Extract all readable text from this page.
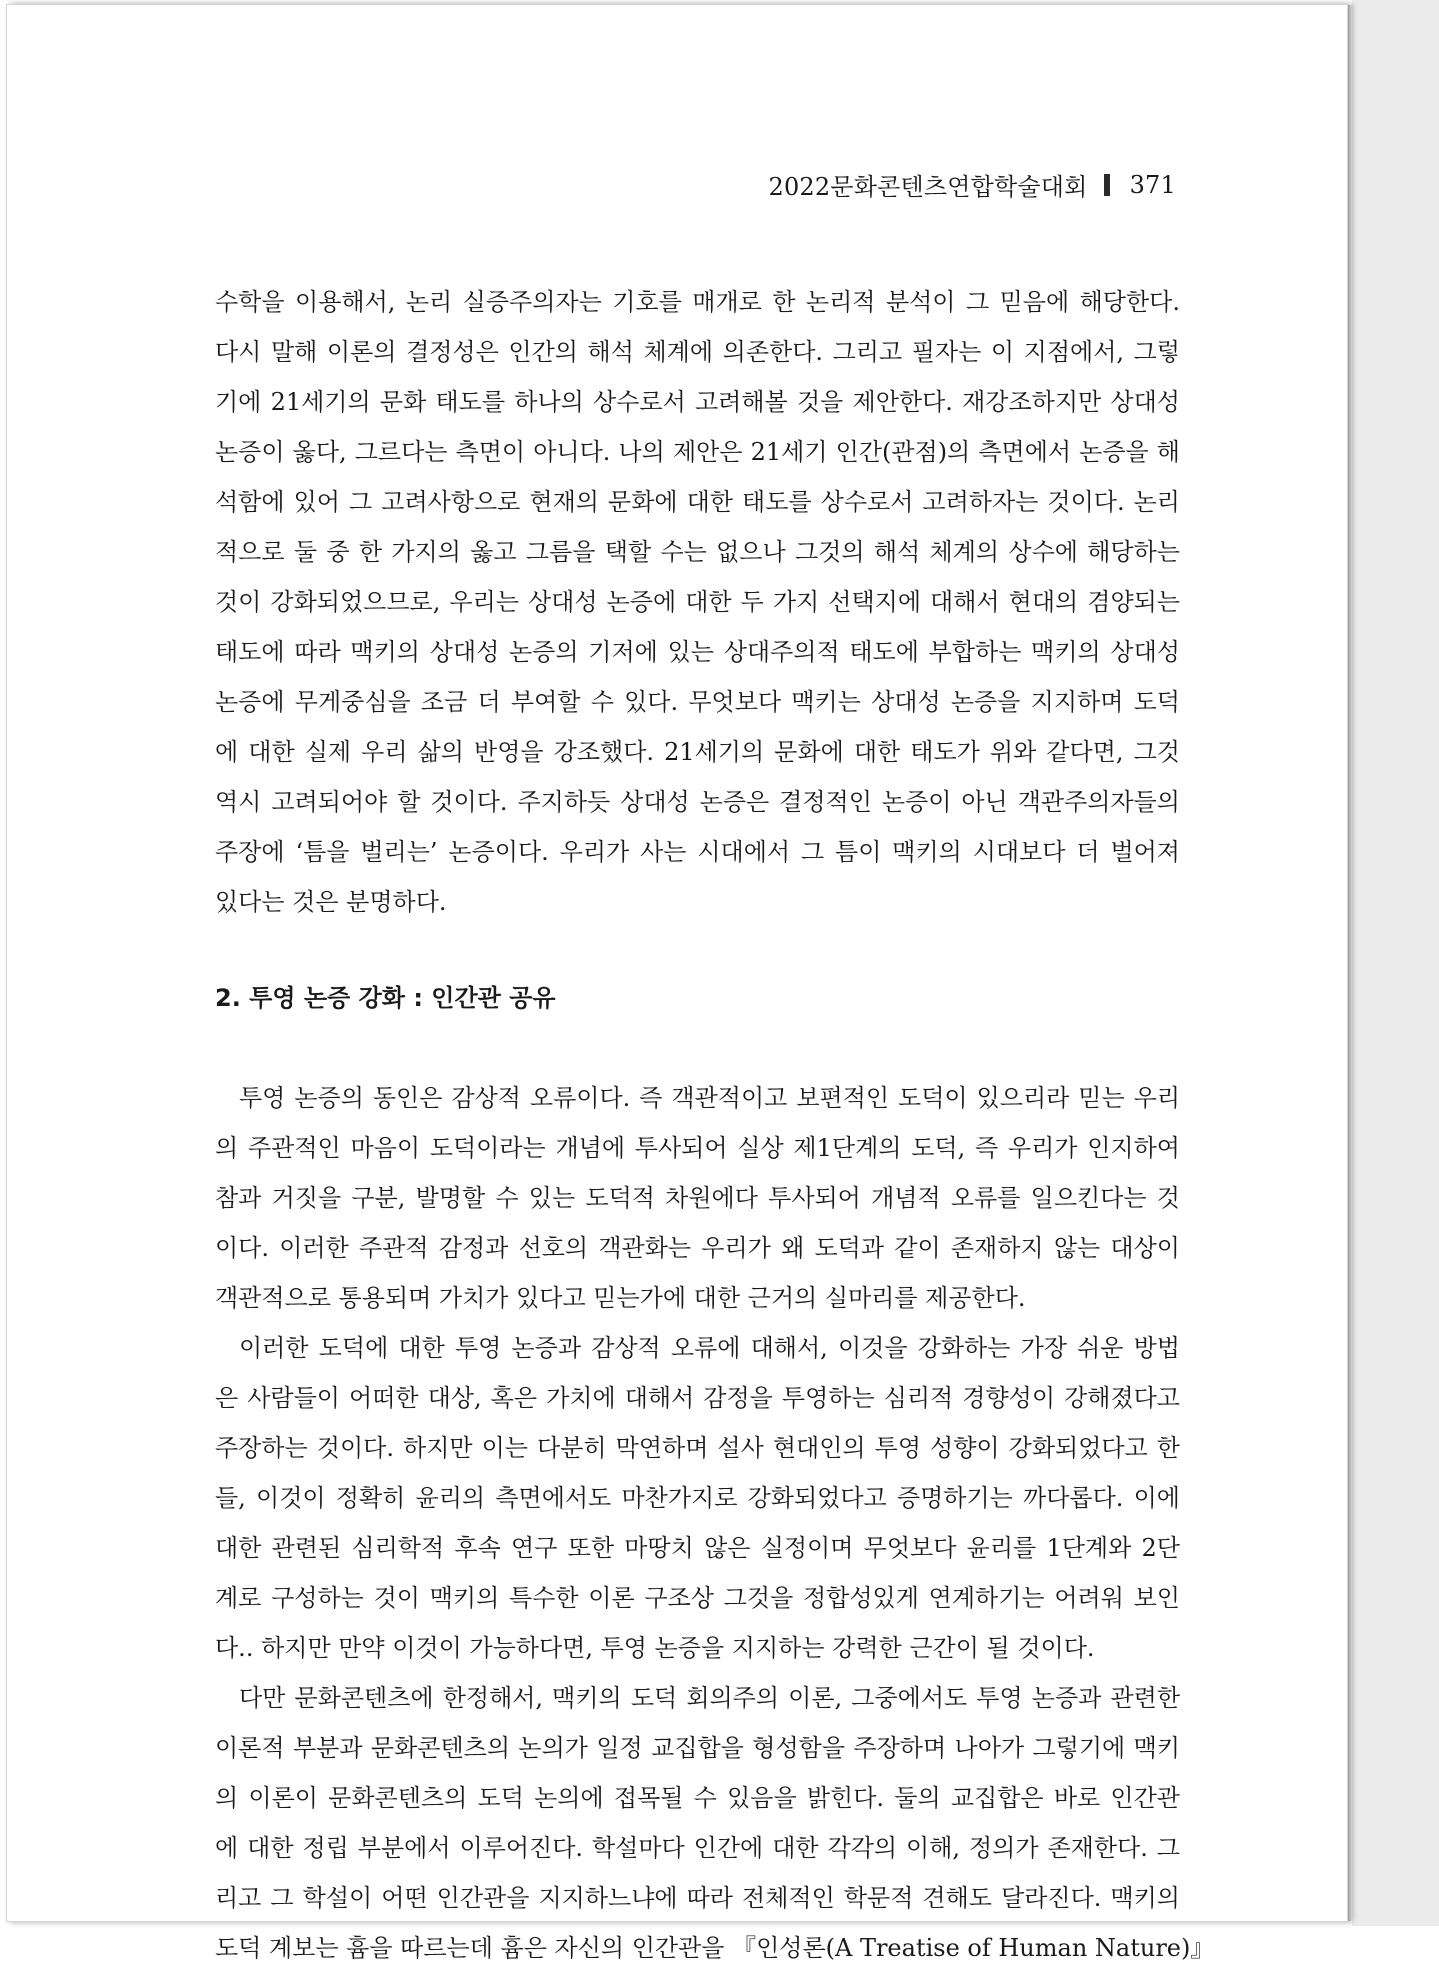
2022문화콘텐츠연합학술대회 371
수학을 이용해서, 논리 실증주의자는 기호를 매개로 한 논리적 분석이 그 믿음에 해당한다.
다시 말해 이론의 결정성은 인간의 해석 체계에 의존한다. 그리고 필자는 이 지점에서, 그렇
기에 21세기의 문화 태도를 하나의 상수로서 고려해볼 것을 제안한다. 재강조하지만 상대성
논증이 옳다, 그르다는 측면이 아니다. 나의 제안은 21세기 인간(관점)의 측면에서 논증을 해
석함에 있어 그 고려사항으로 현재의 문화에 대한 태도를 상수로서 고려하자는 것이다. 논리
적으로 둘 중 한 가지의 옳고 그름을 택할 수는 없으나 그것의 해석 체계의 상수에 해당하는
것이 강화되었으므로, 우리는 상대성 논증에 대한 두 가지 선택지에 대해서 현대의 겸양되는
태도에 따라 맥키의 상대성 논증의 기저에 있는 상대주의적 태도에 부합하는 맥키의 상대성
논증에 무게중심을 조금 더 부여할 수 있다. 무엇보다 맥키는 상대성 논증을 지지하며 도덕
에 대한 실제 우리 삶의 반영을 강조했다. 21세기의 문화에 대한 태도가 위와 같다면, 그것
역시 고려되어야 할 것이다. 주지하듯 상대성 논증은 결정적인 논증이 아닌 객관주의자들의
주장에 ‘틈을 벌리는’ 논증이다. 우리가 사는 시대에서 그 틈이 맥키의 시대보다 더 벌어져
있다는 것은 분명하다.
2. 투영 논증 강화 : 인간관 공유
투영 논증의 동인은 감상적 오류이다. 즉 객관적이고 보편적인 도덕이 있으리라 믿는 우리
의 주관적인 마음이 도덕이라는 개념에 투사되어 실상 제1단계의 도덕, 즉 우리가 인지하여
참과 거짓을 구분, 발명할 수 있는 도덕적 차원에다 투사되어 개념적 오류를 일으킨다는 것
이다. 이러한 주관적 감정과 선호의 객관화는 우리가 왜 도덕과 같이 존재하지 않는 대상이
객관적으로 통용되며 가치가 있다고 믿는가에 대한 근거의 실마리를 제공한다.
이러한 도덕에 대한 투영 논증과 감상적 오류에 대해서, 이것을 강화하는 가장 쉬운 방법
은 사람들이 어떠한 대상, 혹은 가치에 대해서 감정을 투영하는 심리적 경향성이 강해졌다고
주장하는 것이다. 하지만 이는 다분히 막연하며 설사 현대인의 투영 성향이 강화되었다고 한
들, 이것이 정확히 윤리의 측면에서도 마찬가지로 강화되었다고 증명하기는 까다롭다. 이에
대한 관련된 심리학적 후속 연구 또한 마땅치 않은 실정이며 무엇보다 윤리를 1단계와 2단
계로 구성하는 것이 맥키의 특수한 이론 구조상 그것을 정합성있게 연계하기는 어려워 보인
다.. 하지만 만약 이것이 가능하다면, 투영 논증을 지지하는 강력한 근간이 될 것이다.
다만 문화콘텐츠에 한정해서, 맥키의 도덕 회의주의 이론, 그중에서도 투영 논증과 관련한
이론적 부분과 문화콘텐츠의 논의가 일정 교집합을 형성함을 주장하며 나아가 그렇기에 맥키
의 이론이 문화콘텐츠의 도덕 논의에 접목될 수 있음을 밝힌다. 둘의 교집합은 바로 인간관
에 대한 정립 부분에서 이루어진다. 학설마다 인간에 대한 각각의 이해, 정의가 존재한다. 그
리고 그 학설이 어떤 인간관을 지지하느냐에 따라 전체적인 학문적 견해도 달라진다. 맥키의
도덕 계보는 흄을 따르는데 흄은 자신의 인간관을 『인성론(A Treatise of Human Nature)』
